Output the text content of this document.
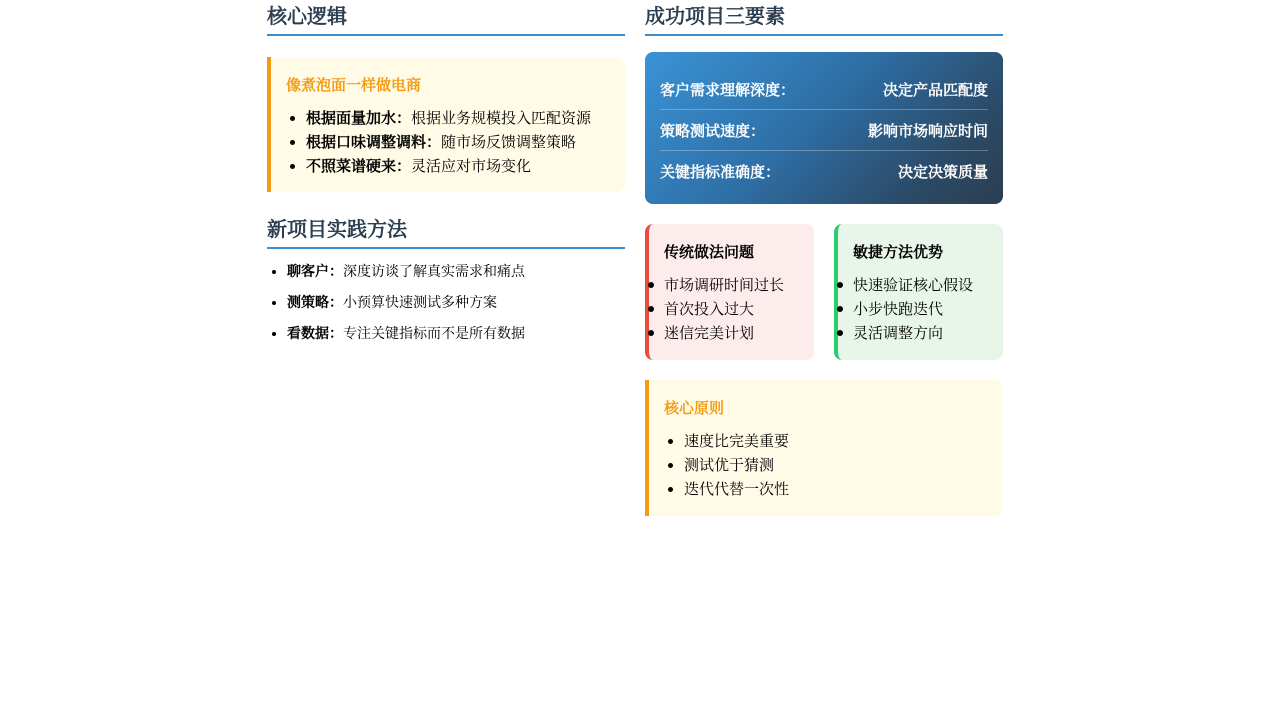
核心逻辑
像煮泡面一样做电商
• 根据面量加水：根据业务规模投入匹配资源
• 根据口味调整调料：随市场反馈调整策略
• 不照菜谱硬来：灵活应对市场变化
新项目实践方法
• 聊客户：深度访谈了解真实需求和痛点
• 测策略：小预算快速测试多种方案
• 看数据：专注关键指标而不是所有数据
成功项目三要素
客户需求理解深度：	决定产品匹配度
策略测试速度：	影响市场响应时间
关键指标准确度：	决定决策质量
传统做法问题
市场调研时间过长
首次投入过大
迷信完美计划
敏捷方法优势
快速验证核心假设
小步快跑迭代
灵活调整方向
核心原则
• 速度比完美重要
• 测试优于猜测
• 迭代代替一次性
